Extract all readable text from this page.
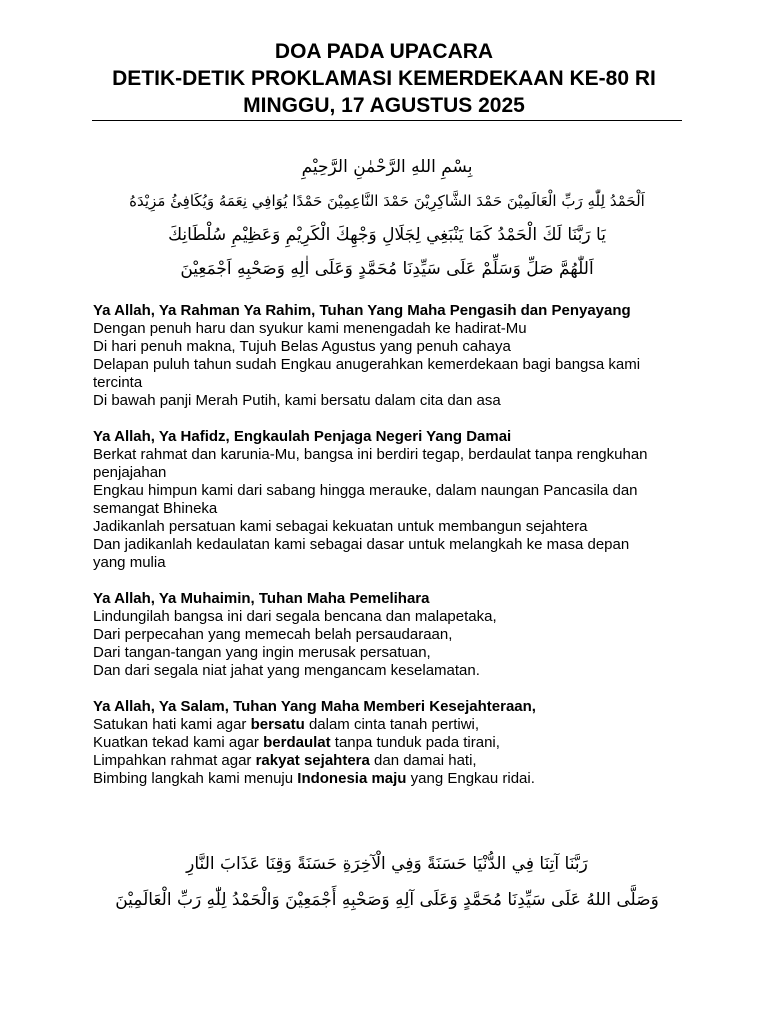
DOA PADA UPACARA
DETIK-DETIK PROKLAMASI KEMERDEKAAN KE-80 RI
MINGGU, 17 AGUSTUS 2025
بِسْمِ اللهِ الرَّحْمٰنِ الرَّحِيْمِ
اَلْحَمْدُ لِلّٰهِ رَبِّ الْعَالَمِيْنَ حَمْدَ الشَّاكِرِيْنَ حَمْدَ النَّاعِمِيْنَ حَمْدًا يُوَافِي نِعَمَهُ وَيُكَافِئُ مَزِيْدَهُ
يَا رَبَّنَا لَكَ الْحَمْدُ كَمَا يَنْبَغِي لِجَلَالِ وَجْهِكَ الْكَرِيْمِ وَعَظِيْمِ سُلْطَانِكَ
اَللّٰهُمَّ صَلِّ وَسَلِّمْ عَلَى سَيِّدِنَا مُحَمَّدٍ وَعَلَى اٰلِهِ وَصَحْبِهِ اَجْمَعِيْنَ
Ya Allah, Ya Rahman Ya Rahim, Tuhan Yang Maha Pengasih dan Penyayang
Dengan penuh haru dan syukur kami menengadah ke hadirat-Mu
Di hari penuh makna, Tujuh Belas Agustus yang penuh cahaya
Delapan puluh tahun sudah Engkau anugerahkan kemerdekaan bagi bangsa kami tercinta
Di bawah panji Merah Putih, kami bersatu dalam cita dan asa
Ya Allah, Ya Hafidz, Engkaulah Penjaga Negeri Yang Damai
Berkat rahmat dan karunia-Mu, bangsa ini berdiri tegap, berdaulat tanpa rengkuhan penjajahan
Engkau himpun kami dari sabang hingga merauke, dalam naungan Pancasila dan semangat Bhineka
Jadikanlah persatuan kami sebagai kekuatan untuk membangun sejahtera
Dan jadikanlah kedaulatan kami sebagai dasar untuk melangkah ke masa depan yang mulia
Ya Allah, Ya Muhaimin, Tuhan Maha Pemelihara
Lindungilah bangsa ini dari segala bencana dan malapetaka,
Dari perpecahan yang memecah belah persaudaraan,
Dari tangan-tangan yang ingin merusak persatuan,
Dan dari segala niat jahat yang mengancam keselamatan.
Ya Allah, Ya Salam, Tuhan Yang Maha Memberi Kesejahteraan,
Satukan hati kami agar bersatu dalam cinta tanah pertiwi,
Kuatkan tekad kami agar berdaulat tanpa tunduk pada tirani,
Limpahkan rahmat agar rakyat sejahtera dan damai hati,
Bimbing langkah kami menuju Indonesia maju yang Engkau ridai.
رَبَّنَا آتِنَا فِي الدُّنْيَا حَسَنَةً وَفِي الْآخِرَةِ حَسَنَةً وَقِنَا عَذَابَ النَّارِ
وَصَلَّى اللهُ عَلَى سَيِّدِنَا مُحَمَّدٍ وَعَلَى آلِهِ وَصَحْبِهِ أَجْمَعِيْنَ وَالْحَمْدُ لِلّٰهِ رَبِّ الْعَالَمِيْنَ
